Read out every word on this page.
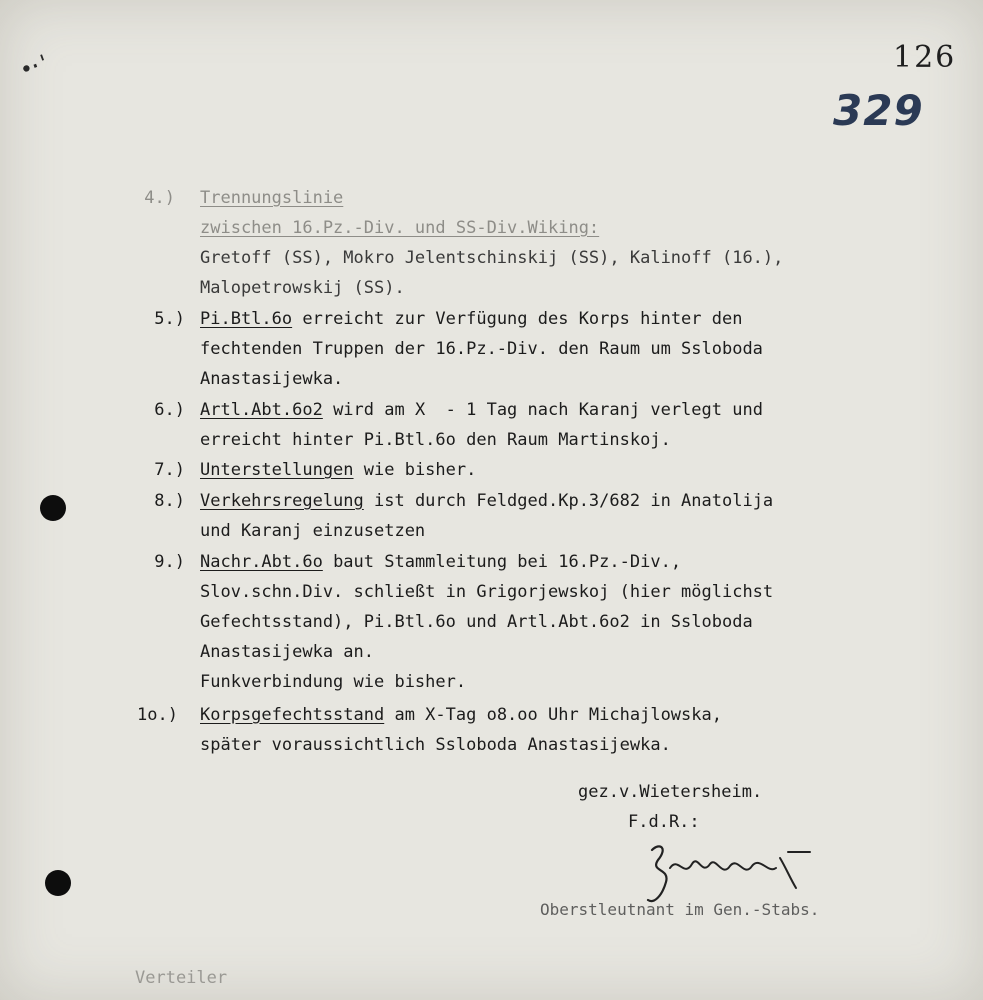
•·'	126
329
4.) Trennungslinie
zwischen 16.Pz.-Div. und SS-Div.Wiking:
Gretoff (SS), Mokro Jelentschinskij (SS), Kalinoff (16.),
Malopetrowskij (SS).
5.) Pi.Btl.6o erreicht zur Verfügung des Korps hinter den
fechtenden Truppen der 16.Pz.-Div. den Raum um Ssloboda
Anastasijewka.
6.) Artl.Abt.6o2 wird am X  - 1 Tag nach Karanj verlegt und
erreicht hinter Pi.Btl.6o den Raum Martinskoj.
7.) Unterstellungen wie bisher.
8.) Verkehrsregelung ist durch Feldged.Kp.3/682 in Anatolija
und Karanj einzusetzen
9.) Nachr.Abt.6o baut Stammleitung bei 16.Pz.-Div.,
Slov.schn.Div. schließt in Grigorjewskoj (hier möglichst
Gefechtsstand), Pi.Btl.6o und Artl.Abt.6o2 in Ssloboda
Anastasijewka an.
Funkverbindung wie bisher.
1o.) Korpsgefechtsstand am X-Tag o8.oo Uhr Michajlowska,
später voraussichtlich Ssloboda Anastasijewka.
gez.v.Wietersheim.
F.d.R.:
Oberstleutnant im Gen.-Stabs.
Verteiler
